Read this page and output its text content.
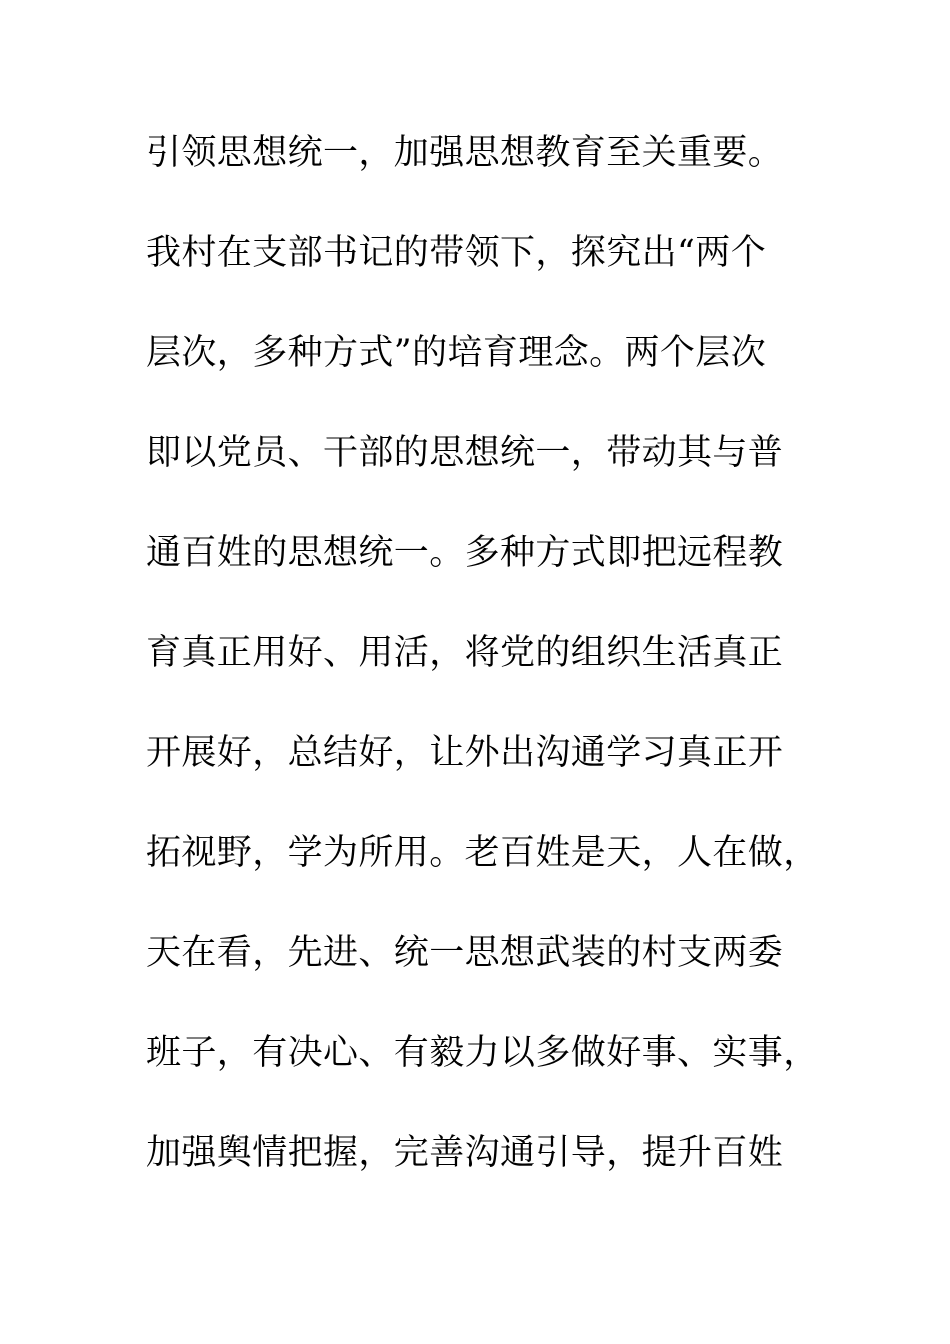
引领思想统一，加强思想教育至关重要。
我村在支部书记的带领下，探究出“两个
层次，多种方式”的培育理念。两个层次
即以党员、干部的思想统一，带动其与普
通百姓的思想统一。多种方式即把远程教
育真正用好、用活，将党的组织生活真正
开展好，总结好，让外出沟通学习真正开
拓视野，学为所用。老百姓是天，人在做，
天在看，先进、统一思想武装的村支两委
班子，有决心、有毅力以多做好事、实事，
加强舆情把握，完善沟通引导，提升百姓
